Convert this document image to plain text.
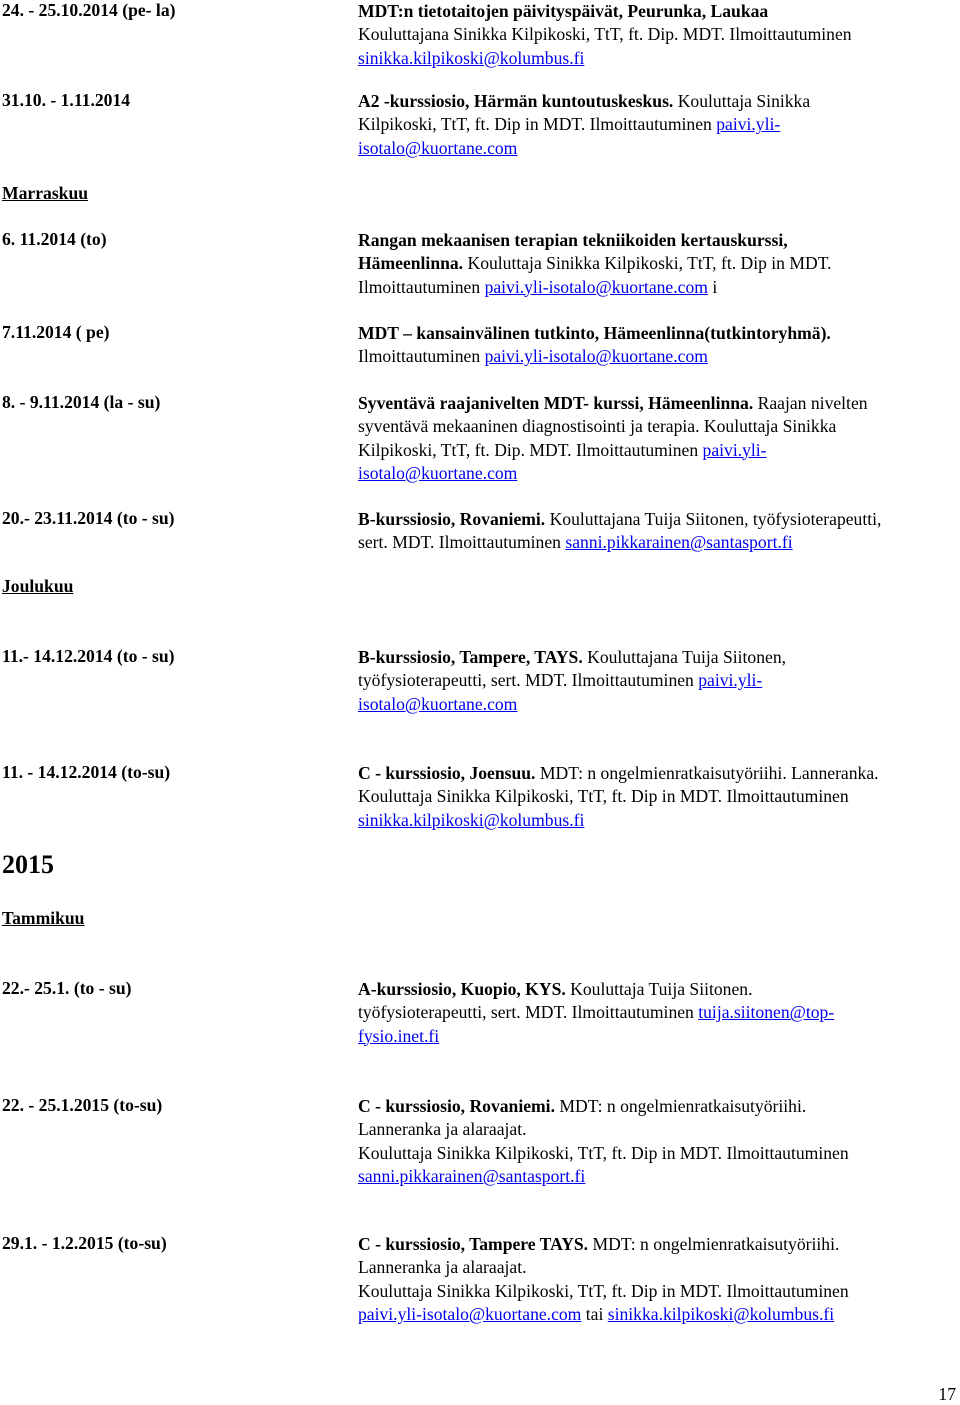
24. - 25.10.2014 (pe- la)	MDT:n tietotaitojen päivityspäivät, Peurunka, Laukaa
Kouluttajana Sinikka Kilpikoski, TtT, ft. Dip. MDT. Ilmoittautuminen
sinikka.kilpikoski@kolumbus.fi
31.10. - 1.11.2014	A2 -kurssiosio, Härmän kuntoutuskeskus. Kouluttaja Sinikka
Kilpikoski, TtT, ft. Dip in MDT. Ilmoittautuminen paivi.yli-
isotalo@kuortane.com
Marraskuu
6. 11.2014 (to)	Rangan mekaanisen terapian tekniikoiden kertauskurssi,
Hämeenlinna. Kouluttaja Sinikka Kilpikoski, TtT, ft. Dip in MDT.
Ilmoittautuminen paivi.yli-isotalo@kuortane.com i
7.11.2014 ( pe)	MDT – kansainvälinen tutkinto, Hämeenlinna(tutkintoryhmä).
Ilmoittautuminen paivi.yli-isotalo@kuortane.com
8. - 9.11.2014 (la - su)	Syventävä raajanivelten MDT- kurssi, Hämeenlinna. Raajan nivelten
syventävä mekaaninen diagnostisointi ja terapia. Kouluttaja Sinikka
Kilpikoski, TtT, ft. Dip. MDT. Ilmoittautuminen paivi.yli-
isotalo@kuortane.com
20.- 23.11.2014 (to - su)	B-kurssiosio, Rovaniemi. Kouluttajana Tuija Siitonen, työfysioterapeutti,
sert. MDT. Ilmoittautuminen sanni.pikkarainen@santasport.fi
Joulukuu
11.- 14.12.2014 (to - su)	B-kurssiosio, Tampere, TAYS. Kouluttajana Tuija Siitonen,
työfysioterapeutti, sert. MDT. Ilmoittautuminen paivi.yli-
isotalo@kuortane.com
11. - 14.12.2014 (to-su)	C - kurssiosio, Joensuu. MDT: n ongelmienratkaisutyöriihi. Lanneranka.
Kouluttaja Sinikka Kilpikoski, TtT, ft. Dip in MDT. Ilmoittautuminen
sinikka.kilpikoski@kolumbus.fi
2015
Tammikuu
22.- 25.1. (to - su)	A-kurssiosio, Kuopio, KYS. Kouluttaja Tuija Siitonen.
työfysioterapeutti, sert. MDT. Ilmoittautuminen tuija.siitonen@top-
fysio.inet.fi
22. - 25.1.2015 (to-su)	C - kurssiosio, Rovaniemi. MDT: n ongelmienratkaisutyöriihi.
Lanneranka ja alaraajat.
Kouluttaja Sinikka Kilpikoski, TtT, ft. Dip in MDT. Ilmoittautuminen
sanni.pikkarainen@santasport.fi
29.1. - 1.2.2015 (to-su)	C - kurssiosio, Tampere TAYS. MDT: n ongelmienratkaisutyöriihi.
Lanneranka ja alaraajat.
Kouluttaja Sinikka Kilpikoski, TtT, ft. Dip in MDT. Ilmoittautuminen
paivi.yli-isotalo@kuortane.com tai sinikka.kilpikoski@kolumbus.fi
17
